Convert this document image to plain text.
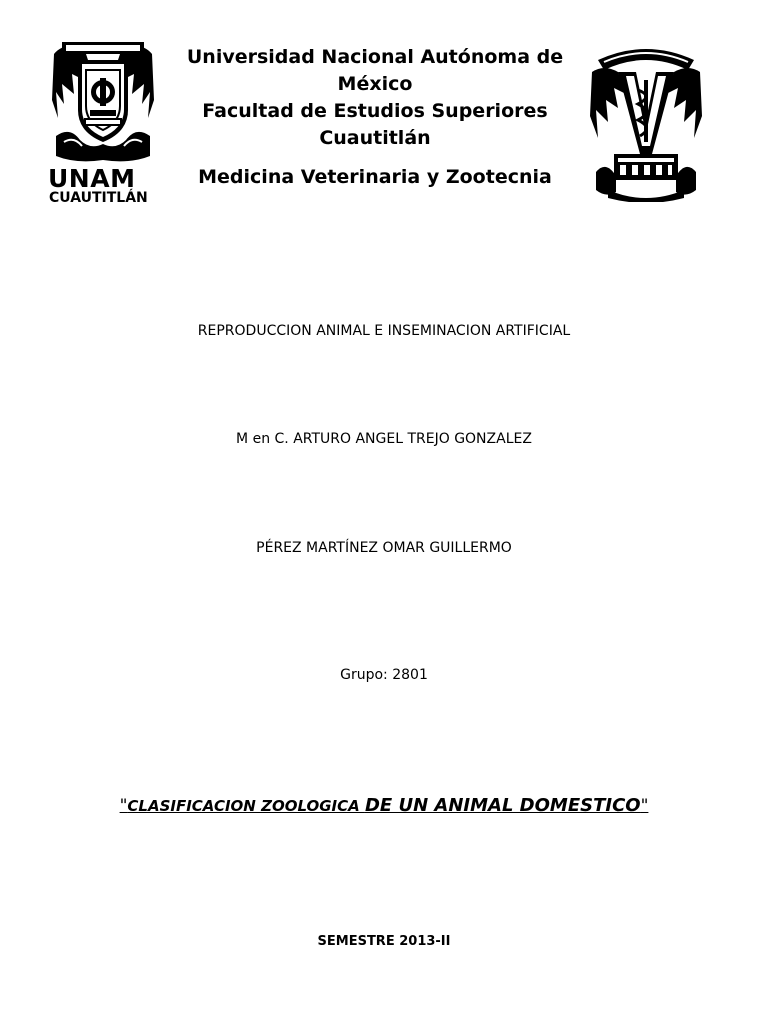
UNAM
CUAUTITLÁN
Universidad Nacional Autónoma de
México
Facultad de Estudios Superiores
Cuautitlán
Medicina Veterinaria y Zootecnia
REPRODUCCION ANIMAL E INSEMINACION ARTIFICIAL
M en C. ARTURO ANGEL TREJO GONZALEZ
PÉREZ MARTÍNEZ OMAR GUILLERMO
Grupo: 2801
"CLASIFICACION ZOOLOGICA DE UN ANIMAL DOMESTICO"
SEMESTRE 2013-II
